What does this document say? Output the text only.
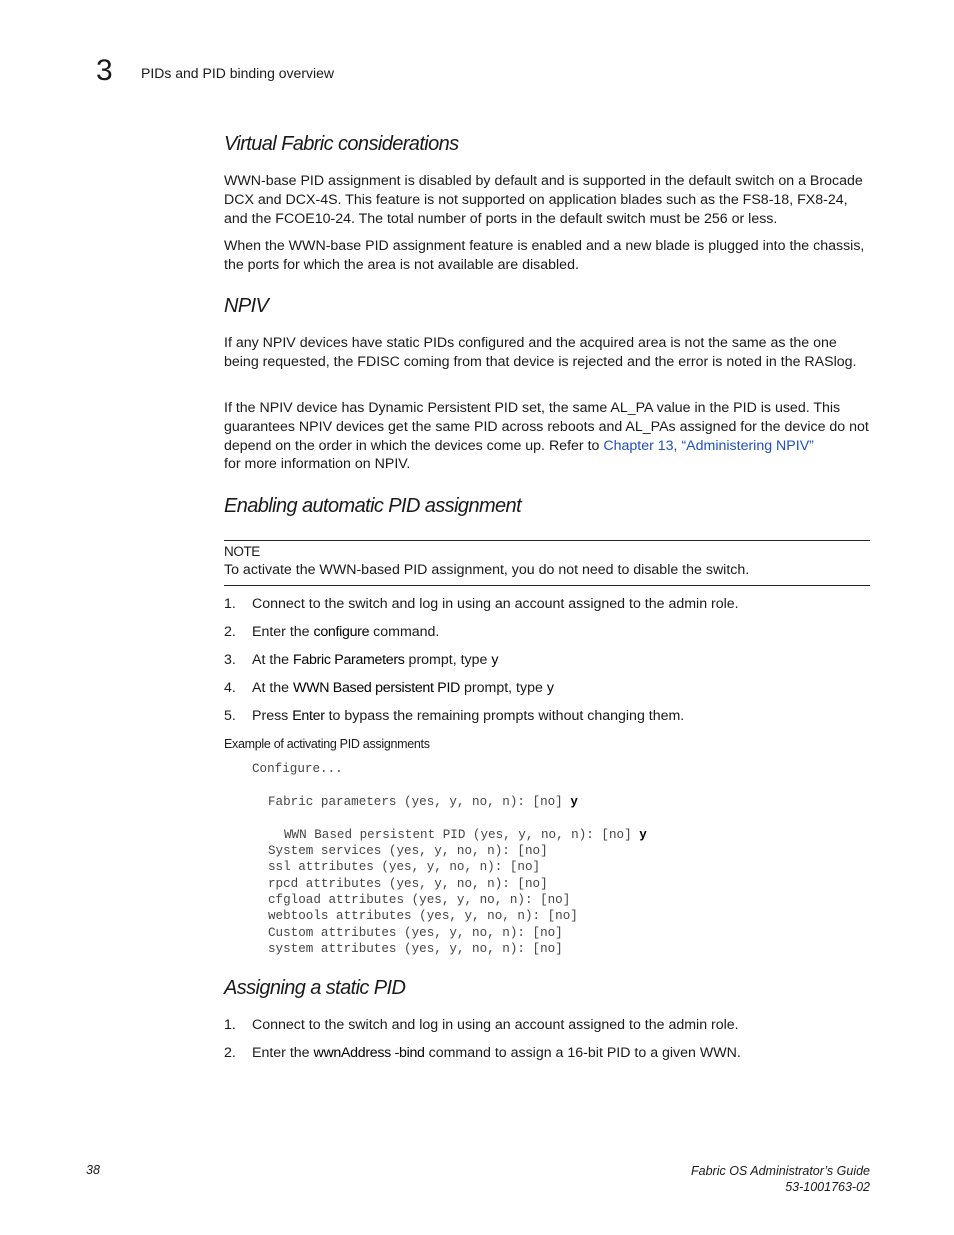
3 PIDs and PID binding overview
Virtual Fabric considerations

WWN-base PID assignment is disabled by default and is supported in the default switch on a Brocade DCX and DCX-4S. This feature is not supported on application blades such as the FS8-18, FX8-24, and the FCOE10-24. The total number of ports in the default switch must be 256 or less.

When the WWN-base PID assignment feature is enabled and a new blade is plugged into the chassis, the ports for which the area is not available are disabled.

NPIV

If any NPIV devices have static PIDs configured and the acquired area is not the same as the one being requested, the FDISC coming from that device is rejected and the error is noted in the RASlog.

If the NPIV device has Dynamic Persistent PID set, the same AL_PA value in the PID is used. This guarantees NPIV devices get the same PID across reboots and AL_PAs assigned for the device do not depend on the order in which the devices come up. Refer to Chapter 13, “Administering NPIV”
for more information on NPIV.

Enabling automatic PID assignment
NOTE
To activate the WWN-based PID assignment, you do not need to disable the switch.
1. Connect to the switch and log in using an account assigned to the admin role.
2. Enter the configure command.
3. At the Fabric Parameters prompt, type y
4. At the WWN Based persistent PID prompt, type y
5. Press Enter to bypass the remaining prompts without changing them.
Example of activating PID assignments
Configure...
Fabric parameters (yes, y, no, n): [no] y
WWN Based persistent PID (yes, y, no, n): [no] y
System services (yes, y, no, n): [no]
ssl attributes (yes, y, no, n): [no]
rpcd attributes (yes, y, no, n): [no]
cfgload attributes (yes, y, no, n): [no]
webtools attributes (yes, y, no, n): [no]
Custom attributes (yes, y, no, n): [no]
system attributes (yes, y, no, n): [no]
Assigning a static PID
1. Connect to the switch and log in using an account assigned to the admin role.
2. Enter the wwnAddress -bind command to assign a 16-bit PID to a given WWN.
38	Fabric OS Administrator’s Guide
53-1001763-02
